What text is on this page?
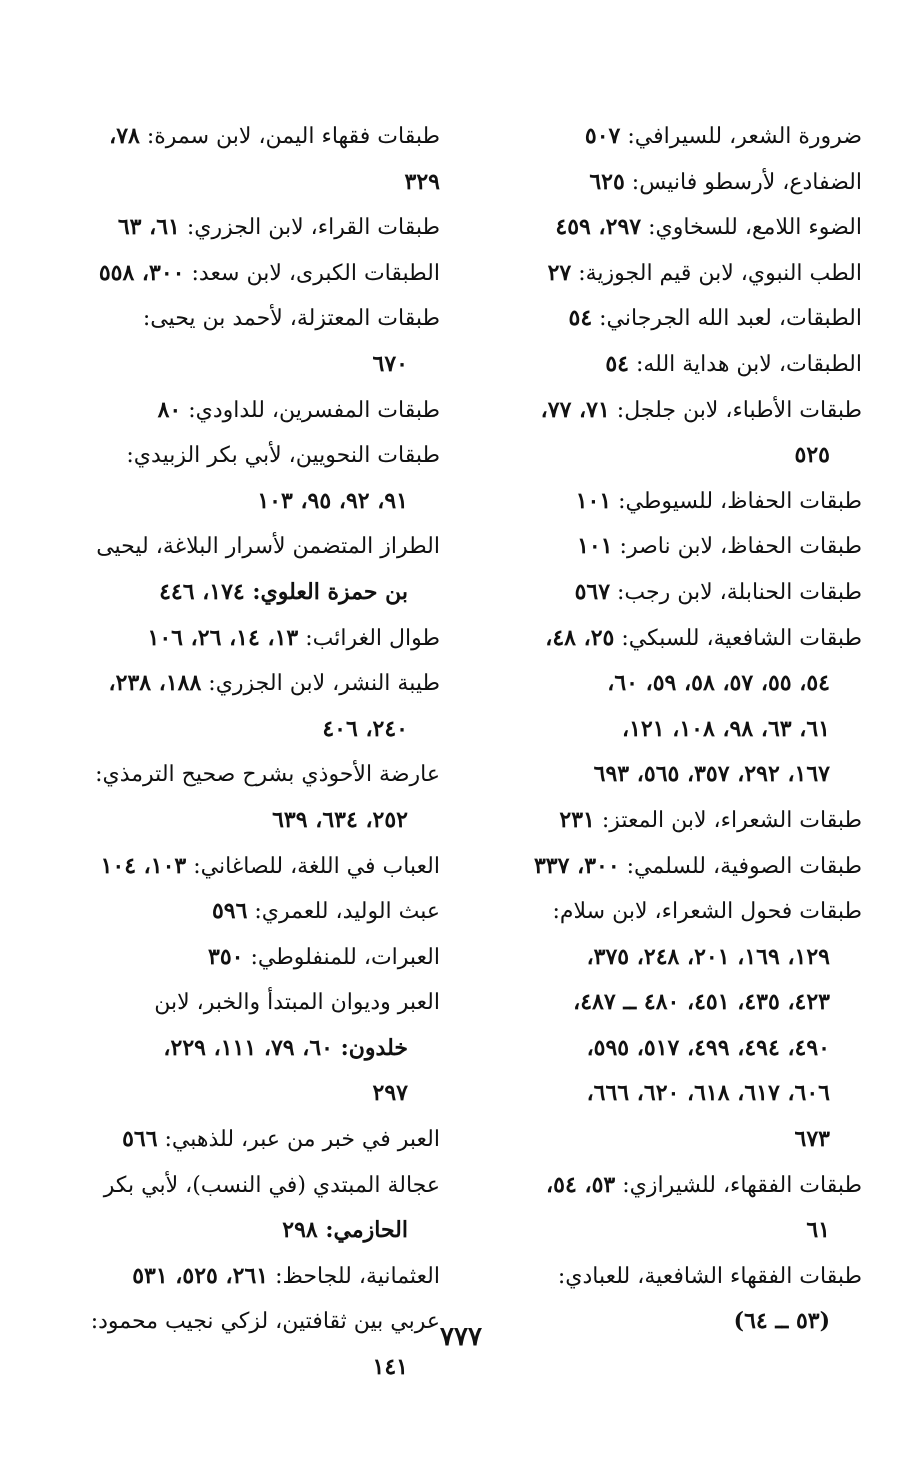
ضرورة الشعر، للسيرافي: ٥٠٧
الضفادع، لأرسطو فانيس: ٦٢٥
الضوء اللامع، للسخاوي: ٢٩٧، ٤٥٩
الطب النبوي، لابن قيم الجوزية: ٢٧
الطبقات، لعبد الله الجرجاني: ٥٤
الطبقات، لابن هداية الله: ٥٤
طبقات الأطباء، لابن جلجل: ٧١، ٧٧،
٥٢٥
طبقات الحفاظ، للسيوطي: ١٠١
طبقات الحفاظ، لابن ناصر: ١٠١
طبقات الحنابلة، لابن رجب: ٥٦٧
طبقات الشافعية، للسبكي: ٢٥، ٤٨،
٥٤، ٥٥، ٥٧، ٥٨، ٥٩، ٦٠،
٦١، ٦٣، ٩٨، ١٠٨، ١٢١،
١٦٧، ٢٩٢، ٣٥٧، ٥٦٥، ٦٩٣
طبقات الشعراء، لابن المعتز: ٢٣١
طبقات الصوفية، للسلمي: ٣٠٠، ٣٣٧
طبقات فحول الشعراء، لابن سلام:
١٢٩، ١٦٩، ٢٠١، ٢٤٨، ٣٧٥،
٤٢٣، ٤٣٥، ٤٥١، ٤٨٠ ــ ٤٨٧،
٤٩٠، ٤٩٤، ٤٩٩، ٥١٧، ٥٩٥،
٦٠٦، ٦١٧، ٦١٨، ٦٢٠، ٦٦٦،
٦٧٣
طبقات الفقهاء، للشيرازي: ٥٣، ٥٤،
٦١
طبقات الفقهاء الشافعية، للعبادي:
(٥٣ ــ ٦٤)
طبقات فقهاء اليمن، لابن سمرة: ٧٨، ٣٢٩
طبقات القراء، لابن الجزري: ٦١، ٦٣
الطبقات الكبرى، لابن سعد: ٣٠٠، ٥٥٨
طبقات المعتزلة، لأحمد بن يحيى:
٦٧٠
طبقات المفسرين، للداودي: ٨٠
طبقات النحويين، لأبي بكر الزبيدي:
٩١، ٩٢، ٩٥، ١٠٣
الطراز المتضمن لأسرار البلاغة، ليحيى
بن حمزة العلوي: ١٧٤، ٤٤٦
طوال الغرائب: ١٣، ١٤، ٢٦، ١٠٦
طيبة النشر، لابن الجزري: ١٨٨، ٢٣٨،
٢٤٠، ٤٠٦
عارضة الأحوذي بشرح صحيح الترمذي:
٢٥٢، ٦٣٤، ٦٣٩
العباب في اللغة، للصاغاني: ١٠٣، ١٠٤
عبث الوليد، للعمري: ٥٩٦
العبرات، للمنفلوطي: ٣٥٠
العبر وديوان المبتدأ والخبر، لابن
خلدون: ٦٠، ٧٩، ١١١، ٢٢٩،
٢٩٧
العبر في خبر من عبر، للذهبي: ٥٦٦
عجالة المبتدي (في النسب)، لأبي بكر
الحازمي: ٢٩٨
العثمانية، للجاحظ: ٢٦١، ٥٢٥، ٥٣١
عربي بين ثقافتين، لزكي نجيب محمود:
١٤١
٧٧٧
